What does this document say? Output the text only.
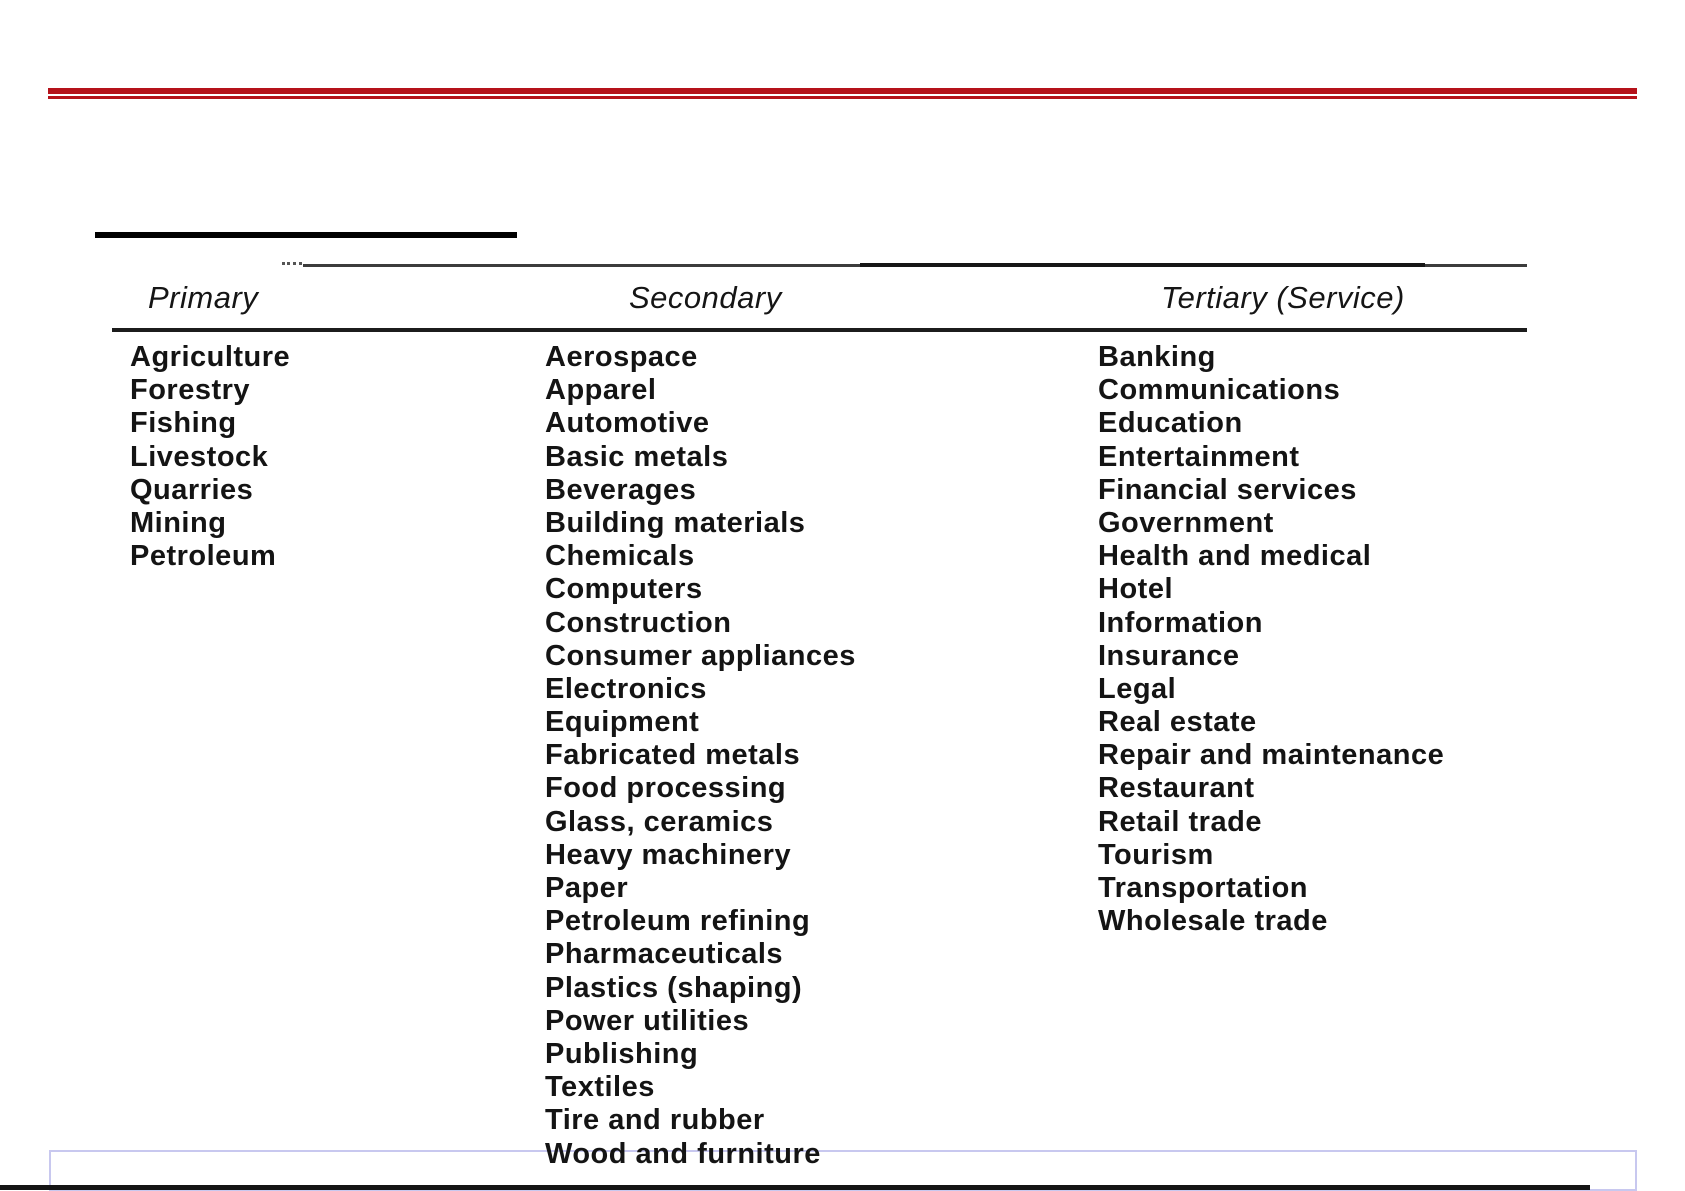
Primary	Secondary	Tertiary (Service)
Agriculture
Forestry
Fishing
Livestock
Quarries
Mining
Petroleum
Aerospace
Apparel
Automotive
Basic metals
Beverages
Building materials
Chemicals
Computers
Construction
Consumer appliances
Electronics
Equipment
Fabricated metals
Food processing
Glass, ceramics
Heavy machinery
Paper
Petroleum refining
Pharmaceuticals
Plastics (shaping)
Power utilities
Publishing
Textiles
Tire and rubber
Wood and furniture
Banking
Communications
Education
Entertainment
Financial services
Government
Health and medical
Hotel
Information
Insurance
Legal
Real estate
Repair and maintenance
Restaurant
Retail trade
Tourism
Transportation
Wholesale trade
